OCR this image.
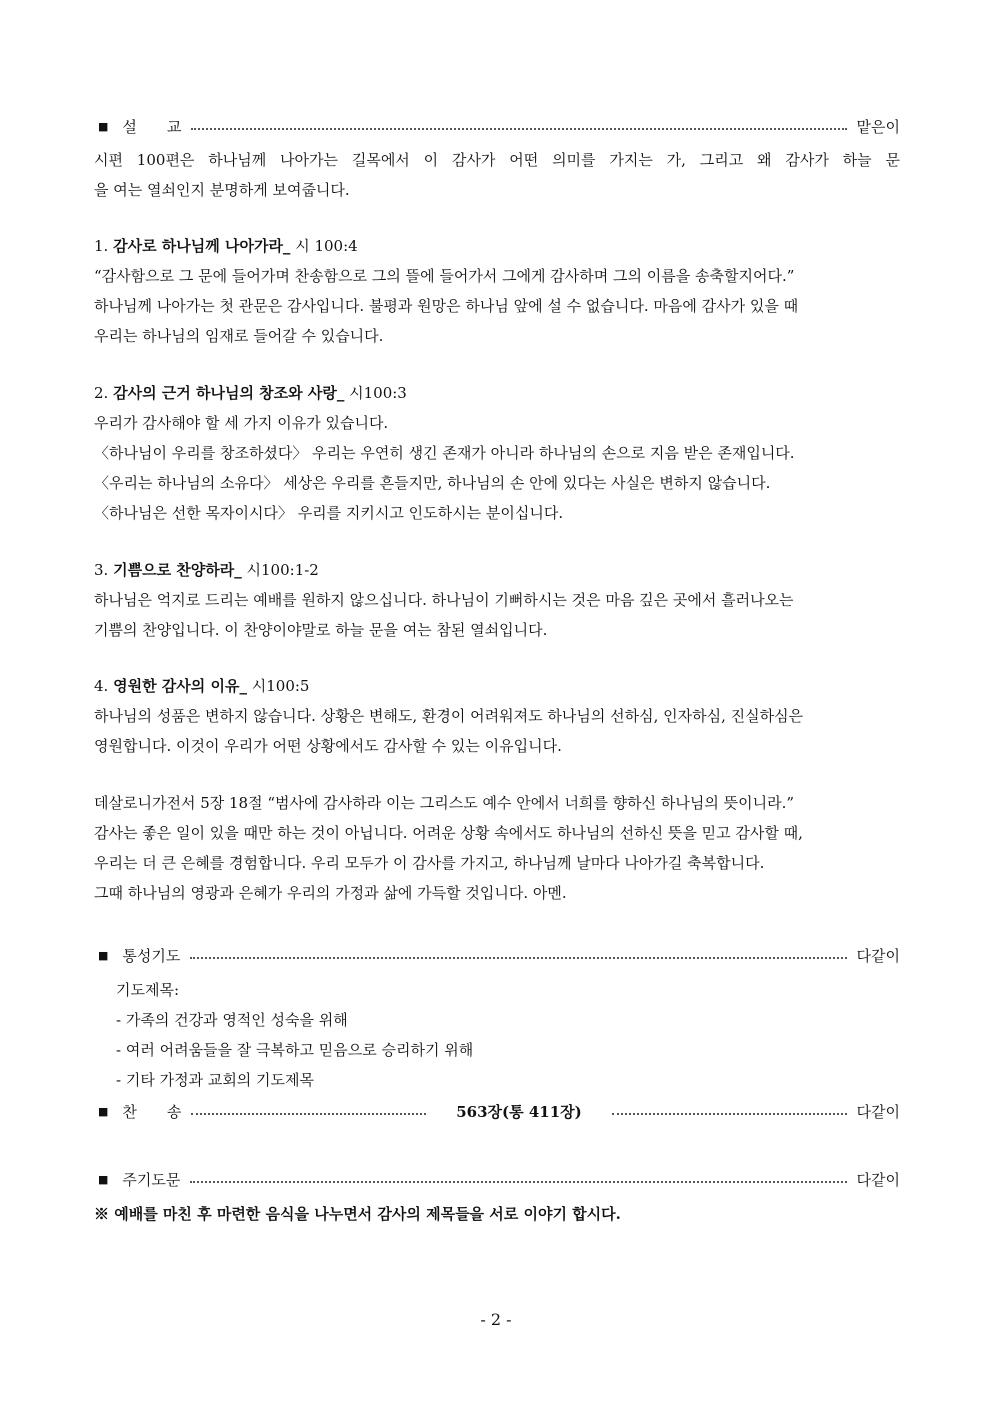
■ 설　　교	맡은이
시편 100편은 하나님께 나아가는 길목에서 이 감사가 어떤 의미를 가지는 가, 그리고 왜 감사가 하늘 문
을 여는 열쇠인지 분명하게 보여줍니다.
1. 감사로 하나님께 나아가라_ 시 100:4
“감사함으로 그 문에 들어가며 찬송함으로 그의 뜰에 들어가서 그에게 감사하며 그의 이름을 송축할지어다.”
하나님께 나아가는 첫 관문은 감사입니다. 불평과 원망은 하나님 앞에 설 수 없습니다. 마음에 감사가 있을 때
우리는 하나님의 임재로 들어갈 수 있습니다.
2. 감사의 근거 하나님의 창조와 사랑_ 시100:3
우리가 감사해야 할 세 가지 이유가 있습니다.
〈하나님이 우리를 창조하셨다〉 우리는 우연히 생긴 존재가 아니라 하나님의 손으로 지음 받은 존재입니다.
〈우리는 하나님의 소유다〉 세상은 우리를 흔들지만, 하나님의 손 안에 있다는 사실은 변하지 않습니다.
〈하나님은 선한 목자이시다〉 우리를 지키시고 인도하시는 분이십니다.
3. 기쁨으로 찬양하라_ 시100:1-2
하나님은 억지로 드리는 예배를 원하지 않으십니다. 하나님이 기뻐하시는 것은 마음 깊은 곳에서 흘러나오는
기쁨의 찬양입니다. 이 찬양이야말로 하늘 문을 여는 참된 열쇠입니다.
4. 영원한 감사의 이유_ 시100:5
하나님의 성품은 변하지 않습니다. 상황은 변해도, 환경이 어려워져도 하나님의 선하심, 인자하심, 진실하심은
영원합니다. 이것이 우리가 어떤 상황에서도 감사할 수 있는 이유입니다.
데살로니가전서 5장 18절 “범사에 감사하라 이는 그리스도 예수 안에서 너희를 향하신 하나님의 뜻이니라.”
감사는 좋은 일이 있을 때만 하는 것이 아닙니다. 어려운 상황 속에서도 하나님의 선하신 뜻을 믿고 감사할 때,
우리는 더 큰 은혜를 경험합니다. 우리 모두가 이 감사를 가지고, 하나님께 날마다 나아가길 축복합니다.
그때 하나님의 영광과 은혜가 우리의 가정과 삶에 가득할 것입니다. 아멘.
■ 통성기도	다같이
기도제목:
- 가족의 건강과 영적인 성숙을 위해
- 여러 어려움들을 잘 극복하고 믿음으로 승리하기 위해
- 기타 가정과 교회의 기도제목
■ 찬　　송	563장(통 411장)	다같이
■ 주기도문	다같이
※ 예배를 마친 후 마련한 음식을 나누면서 감사의 제목들을 서로 이야기 합시다.
- 2 -
